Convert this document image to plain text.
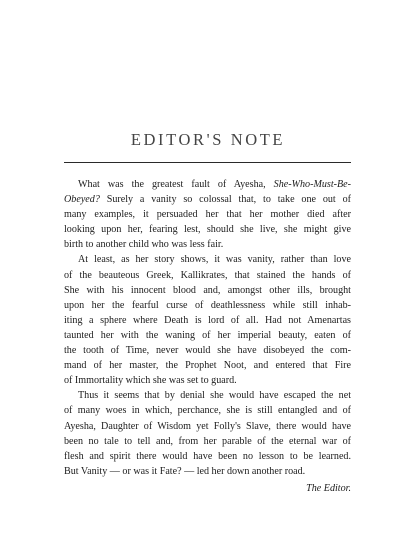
EDITOR'S NOTE

What was the greatest fault of Ayesha, She-Who-Must-Be-
Obeyed? Surely a vanity so colossal that, to take one out of
many examples, it persuaded her that her mother died after
looking upon her, fearing lest, should she live, she might give
birth to another child who was less fair.

At least, as her story shows, it was vanity, rather than love
of the beauteous Greek, Kallikrates, that stained the hands of
She with his innocent blood and, amongst other ills, brought
upon her the fearful curse of deathlessness while still inhab-
iting a sphere where Death is lord of all. Had not Amenartas
taunted her with the waning of her imperial beauty, eaten of
the tooth of Time, never would she have disobeyed the com-
mand of her master, the Prophet Noot, and entered that Fire
of Immortality which she was set to guard.

Thus it seems that by denial she would have escaped the net
of many woes in which, perchance, she is still entangled and of
Ayesha, Daughter of Wisdom yet Folly's Slave, there would have
been no tale to tell and, from her parable of the eternal war of
flesh and spirit there would have been no lesson to be learned.
But Vanity — or was it Fate? — led her down another road.

The Editor.
